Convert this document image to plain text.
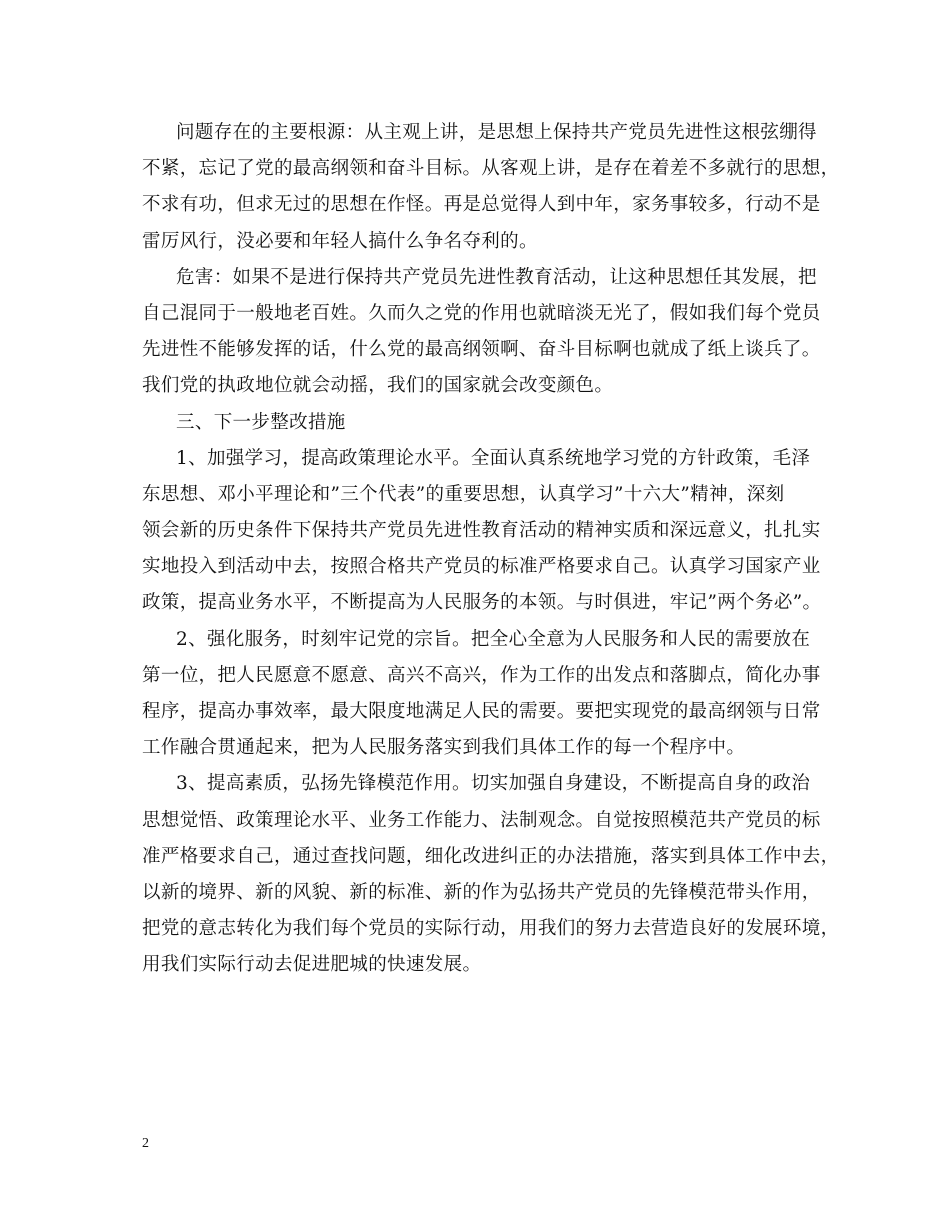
问题存在的主要根源：从主观上讲，是思想上保持共产党员先进性这根弦绷得
不紧，忘记了党的最高纲领和奋斗目标。从客观上讲，是存在着差不多就行的思想，
不求有功，但求无过的思想在作怪。再是总觉得人到中年，家务事较多，行动不是
雷厉风行，没必要和年轻人搞什么争名夺利的。
危害：如果不是进行保持共产党员先进性教育活动，让这种思想任其发展，把
自己混同于一般地老百姓。久而久之党的作用也就暗淡无光了，假如我们每个党员
先进性不能够发挥的话，什么党的最高纲领啊、奋斗目标啊也就成了纸上谈兵了。
我们党的执政地位就会动摇，我们的国家就会改变颜色。
三、下一步整改措施
1、加强学习，提高政策理论水平。全面认真系统地学习党的方针政策，毛泽
东思想、邓小平理论和”三个代表”的重要思想，认真学习”十六大”精神，深刻
领会新的历史条件下保持共产党员先进性教育活动的精神实质和深远意义，扎扎实
实地投入到活动中去，按照合格共产党员的标准严格要求自己。认真学习国家产业
政策，提高业务水平，不断提高为人民服务的本领。与时俱进，牢记”两个务必”。
2、强化服务，时刻牢记党的宗旨。把全心全意为人民服务和人民的需要放在
第一位，把人民愿意不愿意、高兴不高兴，作为工作的出发点和落脚点，简化办事
程序，提高办事效率，最大限度地满足人民的需要。要把实现党的最高纲领与日常
工作融合贯通起来，把为人民服务落实到我们具体工作的每一个程序中。
3、提高素质，弘扬先锋模范作用。切实加强自身建设，不断提高自身的政治
思想觉悟、政策理论水平、业务工作能力、法制观念。自觉按照模范共产党员的标
准严格要求自己，通过查找问题，细化改进纠正的办法措施，落实到具体工作中去，
以新的境界、新的风貌、新的标准、新的作为弘扬共产党员的先锋模范带头作用，
把党的意志转化为我们每个党员的实际行动，用我们的努力去营造良好的发展环境，
用我们实际行动去促进肥城的快速发展。
2
